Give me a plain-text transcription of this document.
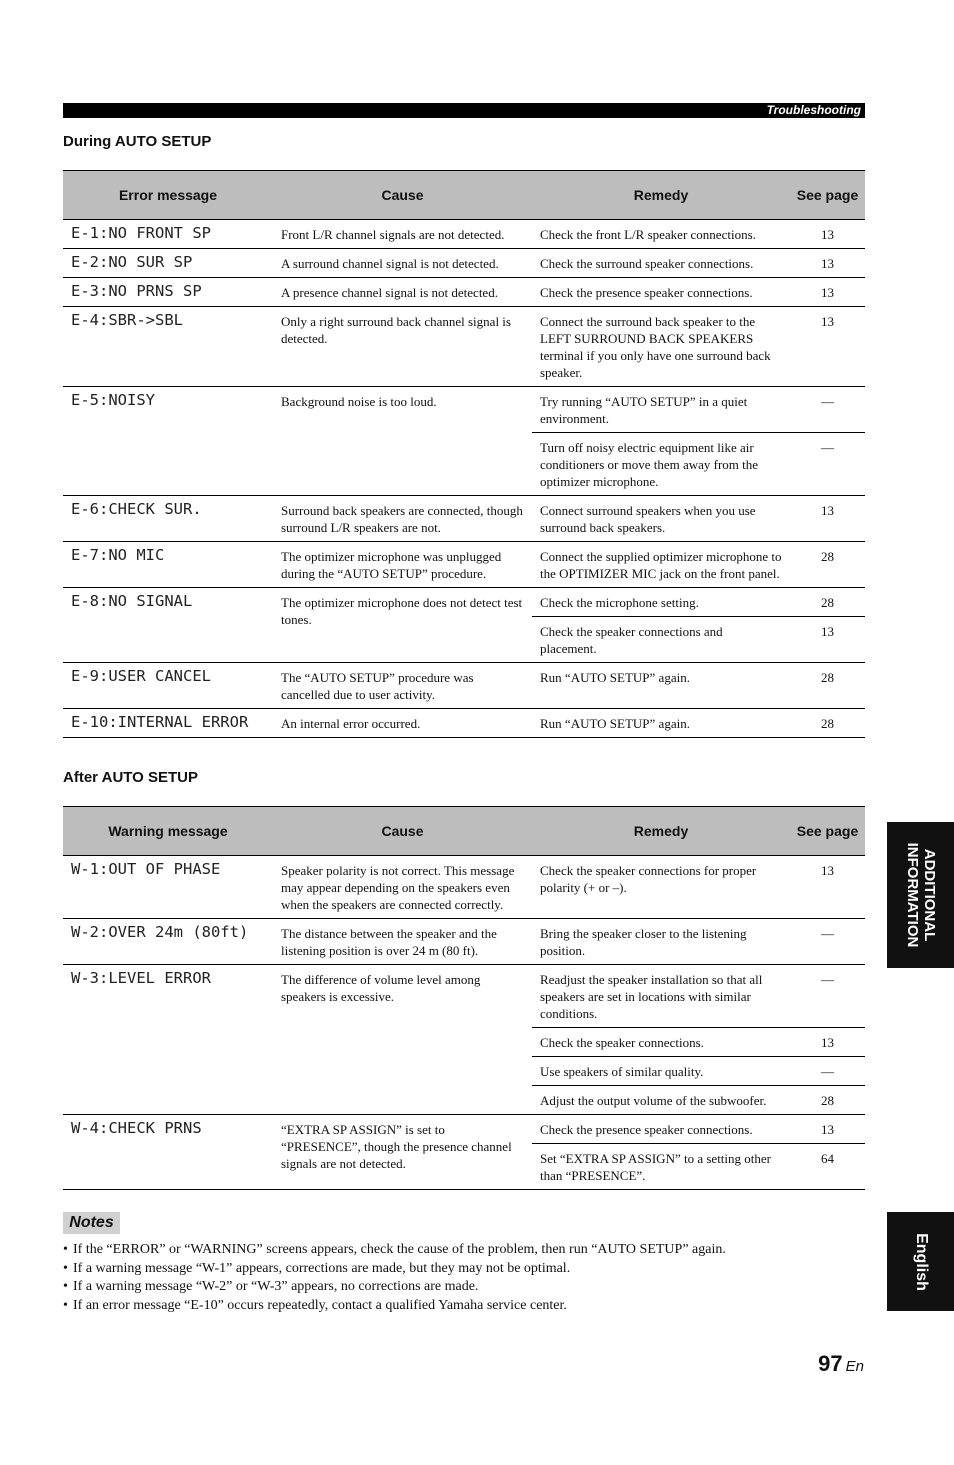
Troubleshooting
During AUTO SETUP
Error message	Cause	Remedy	See page
E-1:NO FRONT SP	Front L/R channel signals are not detected.	Check the front L/R speaker connections.	13
E-2:NO SUR SP	A surround channel signal is not detected.	Check the surround speaker connections.	13
E-3:NO PRNS SP	A presence channel signal is not detected.	Check the presence speaker connections.	13
E-4:SBR->SBL	Only a right surround back channel signal is detected.	Connect the surround back speaker to the LEFT SURROUND BACK SPEAKERS terminal if you only have one surround back speaker.	13
E-5:NOISY	Background noise is too loud.	Try running “AUTO SETUP” in a quiet environment.	—
		Turn off noisy electric equipment like air conditioners or move them away from the optimizer microphone.	—
E-6:CHECK SUR.	Surround back speakers are connected, though surround L/R speakers are not.	Connect surround speakers when you use surround back speakers.	13
E-7:NO MIC	The optimizer microphone was unplugged during the “AUTO SETUP” procedure.	Connect the supplied optimizer microphone to the OPTIMIZER MIC jack on the front panel.	28
E-8:NO SIGNAL	The optimizer microphone does not detect test tones.	Check the microphone setting.	28
		Check the speaker connections and placement.	13
E-9:USER CANCEL	The “AUTO SETUP” procedure was cancelled due to user activity.	Run “AUTO SETUP” again.	28
E-10:INTERNAL ERROR	An internal error occurred.	Run “AUTO SETUP” again.	28
After AUTO SETUP
Warning message	Cause	Remedy	See page
W-1:OUT OF PHASE	Speaker polarity is not correct. This message may appear depending on the speakers even when the speakers are connected correctly.	Check the speaker connections for proper polarity (+ or –).	13
W-2:OVER 24m (80ft)	The distance between the speaker and the listening position is over 24 m (80 ft).	Bring the speaker closer to the listening position.	—
W-3:LEVEL ERROR	The difference of volume level among speakers is excessive.	Readjust the speaker installation so that all speakers are set in locations with similar conditions.	—
		Check the speaker connections.	13
		Use speakers of similar quality.	—
		Adjust the output volume of the subwoofer.	28
W-4:CHECK PRNS	“EXTRA SP ASSIGN” is set to “PRESENCE”, though the presence channel signals are not detected.	Check the presence speaker connections.	13
		Set “EXTRA SP ASSIGN” to a setting other than “PRESENCE”.	64
Notes
• If the “ERROR” or “WARNING” screens appears, check the cause of the problem, then run “AUTO SETUP” again.
• If a warning message “W-1” appears, corrections are made, but they may not be optimal.
• If a warning message “W-2” or “W-3” appears, no corrections are made.
• If an error message “E-10” occurs repeatedly, contact a qualified Yamaha service center.
ADDITIONAL
INFORMATION
English
97 En
